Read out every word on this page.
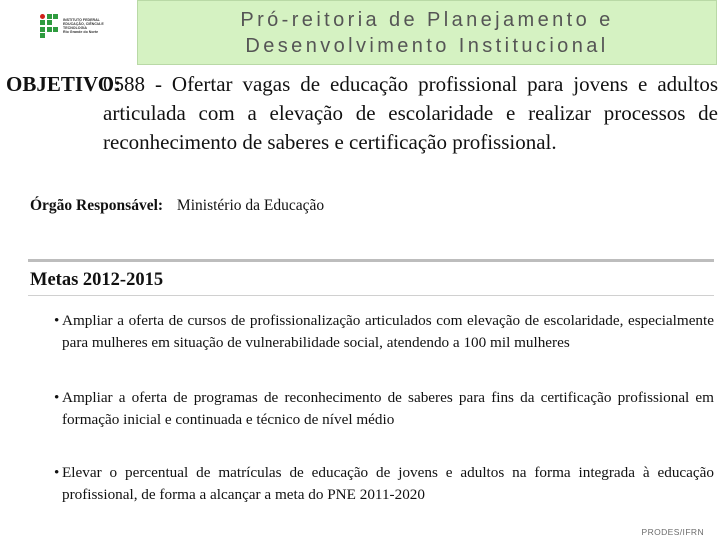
INSTITUTO FEDERAL
EDUCAÇÃO, CIÊNCIA E TECNOLOGIA
Rio Grande do Norte
Pró-reitoria de Planejamento e
Desenvolvimento Institucional
OBJETIVO:
0588 - Ofertar vagas de educação profissional para jovens e adultos articulada com a elevação de escolaridade e realizar processos de reconhecimento de saberes e certificação profissional.
Órgão Responsável: Ministério da Educação
Metas 2012-2015
• Ampliar a oferta de cursos de profissionalização articulados com elevação de escolaridade, especialmente para mulheres em situação de vulnerabilidade social, atendendo a 100 mil mulheres
• Ampliar a oferta de programas de reconhecimento de saberes para fins da certificação profissional em formação inicial e continuada e técnico de nível médio
• Elevar o percentual de matrículas de educação de jovens e adultos na forma integrada à educação profissional, de forma a alcançar a meta do PNE 2011-2020
PRODES/IFRN
